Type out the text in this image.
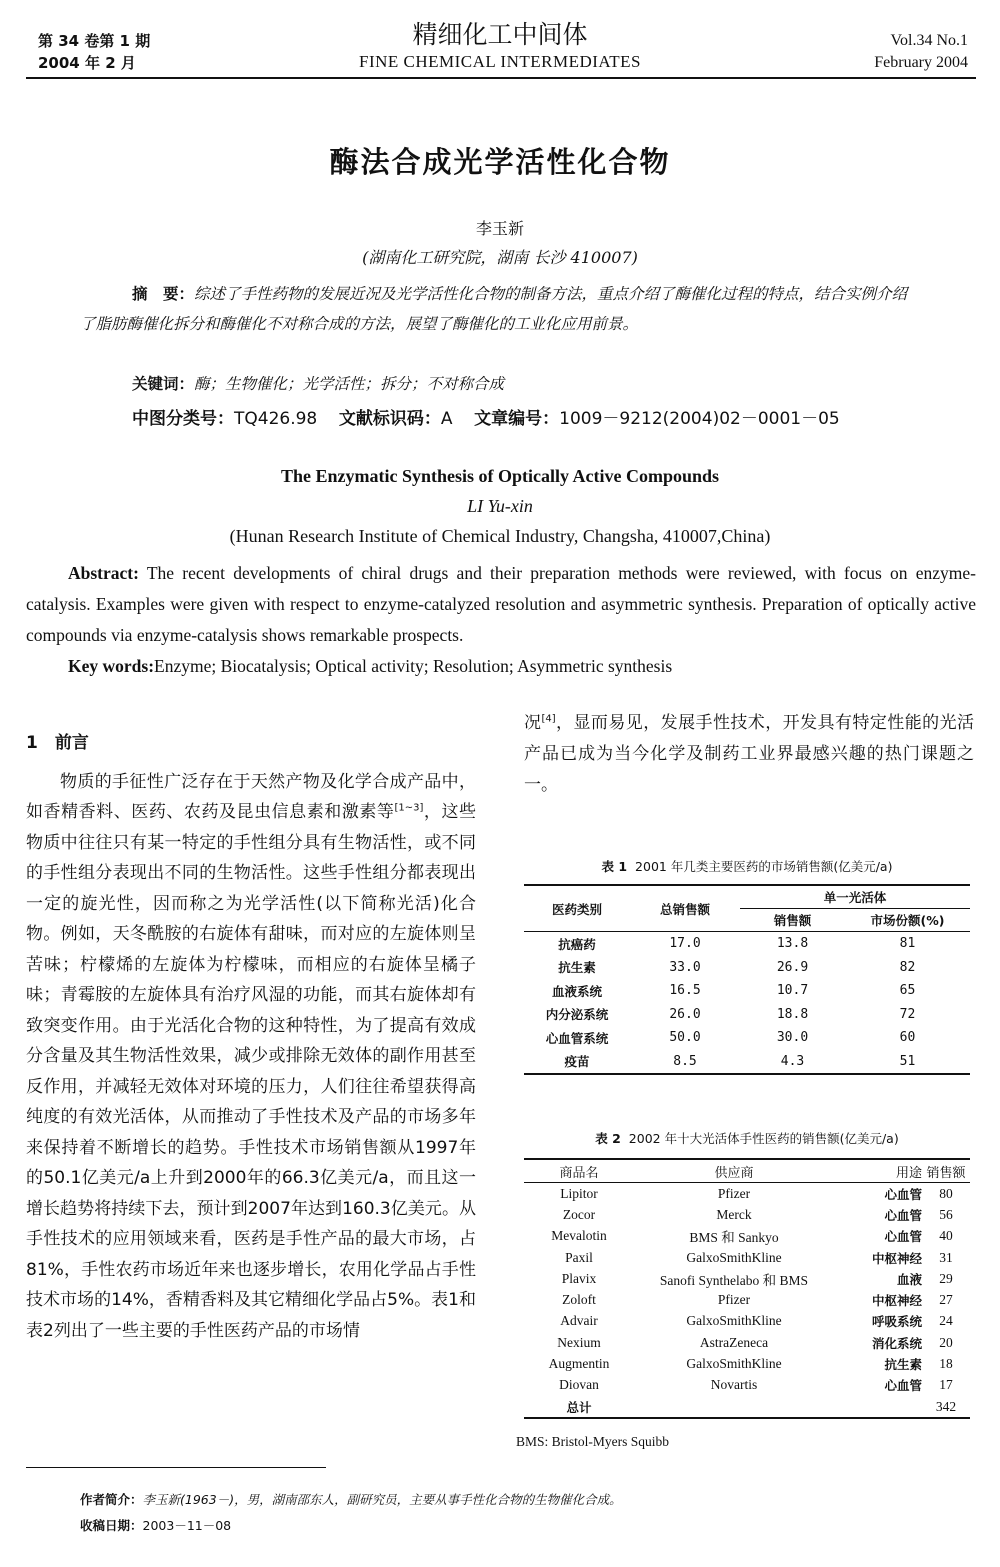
第 34 卷第 1 期
2004 年 2 月
精细化工中间体
FINE CHEMICAL INTERMEDIATES
Vol.34 No.1
February 2004
酶法合成光学活性化合物
李玉新
(湖南化工研究院，湖南 长沙 410007)
摘　要：综述了手性药物的发展近况及光学活性化合物的制备方法，重点介绍了酶催化过程的特点，结合实例介绍了脂肪酶催化拆分和酶催化不对称合成的方法，展望了酶催化的工业化应用前景。
关键词：酶；生物催化；光学活性；拆分；不对称合成
中图分类号：TQ426.98 文献标识码：A 文章编号：1009－9212(2004)02－0001－05
The Enzymatic Synthesis of Optically Active Compounds
LI Yu-xin
(Hunan Research Institute of Chemical Industry, Changsha, 410007,China)
Abstract: The recent developments of chiral drugs and their preparation methods were reviewed, with focus on enzyme-catalysis. Examples were given with respect to enzyme-catalyzed resolution and asymmetric synthesis. Preparation of optically active compounds via enzyme-catalysis shows remarkable prospects.
Key words:Enzyme; Biocatalysis; Optical activity; Resolution; Asymmetric synthesis
1　前言
物质的手征性广泛存在于天然产物及化学合成产品中，如香精香料、医药、农药及昆虫信息素和激素等[1~3]，这些物质中往往只有某一特定的手性组分具有生物活性，或不同的手性组分表现出不同的生物活性。这些手性组分都表现出一定的旋光性，因而称之为光学活性(以下简称光活)化合物。例如，天冬酰胺的右旋体有甜味，而对应的左旋体则呈苦味；柠檬烯的左旋体为柠檬味，而相应的右旋体呈橘子味；青霉胺的左旋体具有治疗风湿的功能，而其右旋体却有致突变作用。由于光活化合物的这种特性，为了提高有效成分含量及其生物活性效果，减少或排除无效体的副作用甚至反作用，并减轻无效体对环境的压力，人们往往希望获得高纯度的有效光活体，从而推动了手性技术及产品的市场多年来保持着不断增长的趋势。手性技术市场销售额从1997年的50.1亿美元/a上升到2000年的66.3亿美元/a，而且这一增长趋势将持续下去，预计到2007年达到160.3亿美元。从手性技术的应用领域来看，医药是手性产品的最大市场，占81%，手性农药市场近年来也逐步增长，农用化学品占手性技术市场的14%，香精香料及其它精细化学品占5%。表1和表2列出了一些主要的手性医药产品的市场情
况[4]，显而易见，发展手性技术，开发具有特定性能的光活产品已成为当今化学及制药工业界最感兴趣的热门课题之一。
表 1 2001 年几类主要医药的市场销售额(亿美元/a)
医药类别	总销售额	单一光活体	
		销售额	市场份额(%)
抗癌药	17.0	13.8	81
抗生素	33.0	26.9	82
血液系统	16.5	10.7	65
内分泌系统	26.0	18.8	72
心血管系统	50.0	30.0	60
疫苗	8.5	4.3	51
表 2 2002 年十大光活体手性医药的销售额(亿美元/a)
商品名	供应商	用途	销售额
Lipitor	Pfizer	心血管	80
Zocor	Merck	心血管	56
Mevalotin	BMS 和 Sankyo	心血管	40
Paxil	GalxoSmithKline	中枢神经	31
Plavix	Sanofi Synthelabo 和 BMS	血液	29
Zoloft	Pfizer	中枢神经	27
Advair	GalxoSmithKline	呼吸系统	24
Nexium	AstraZeneca	消化系统	20
Augmentin	GalxoSmithKline	抗生素	18
Diovan	Novartis	心血管	17
总计			342
BMS: Bristol-Myers Squibb
作者简介：李玉新(1963－)，男，湖南邵东人，副研究员，主要从事手性化合物的生物催化合成。
收稿日期：2003－11－08
